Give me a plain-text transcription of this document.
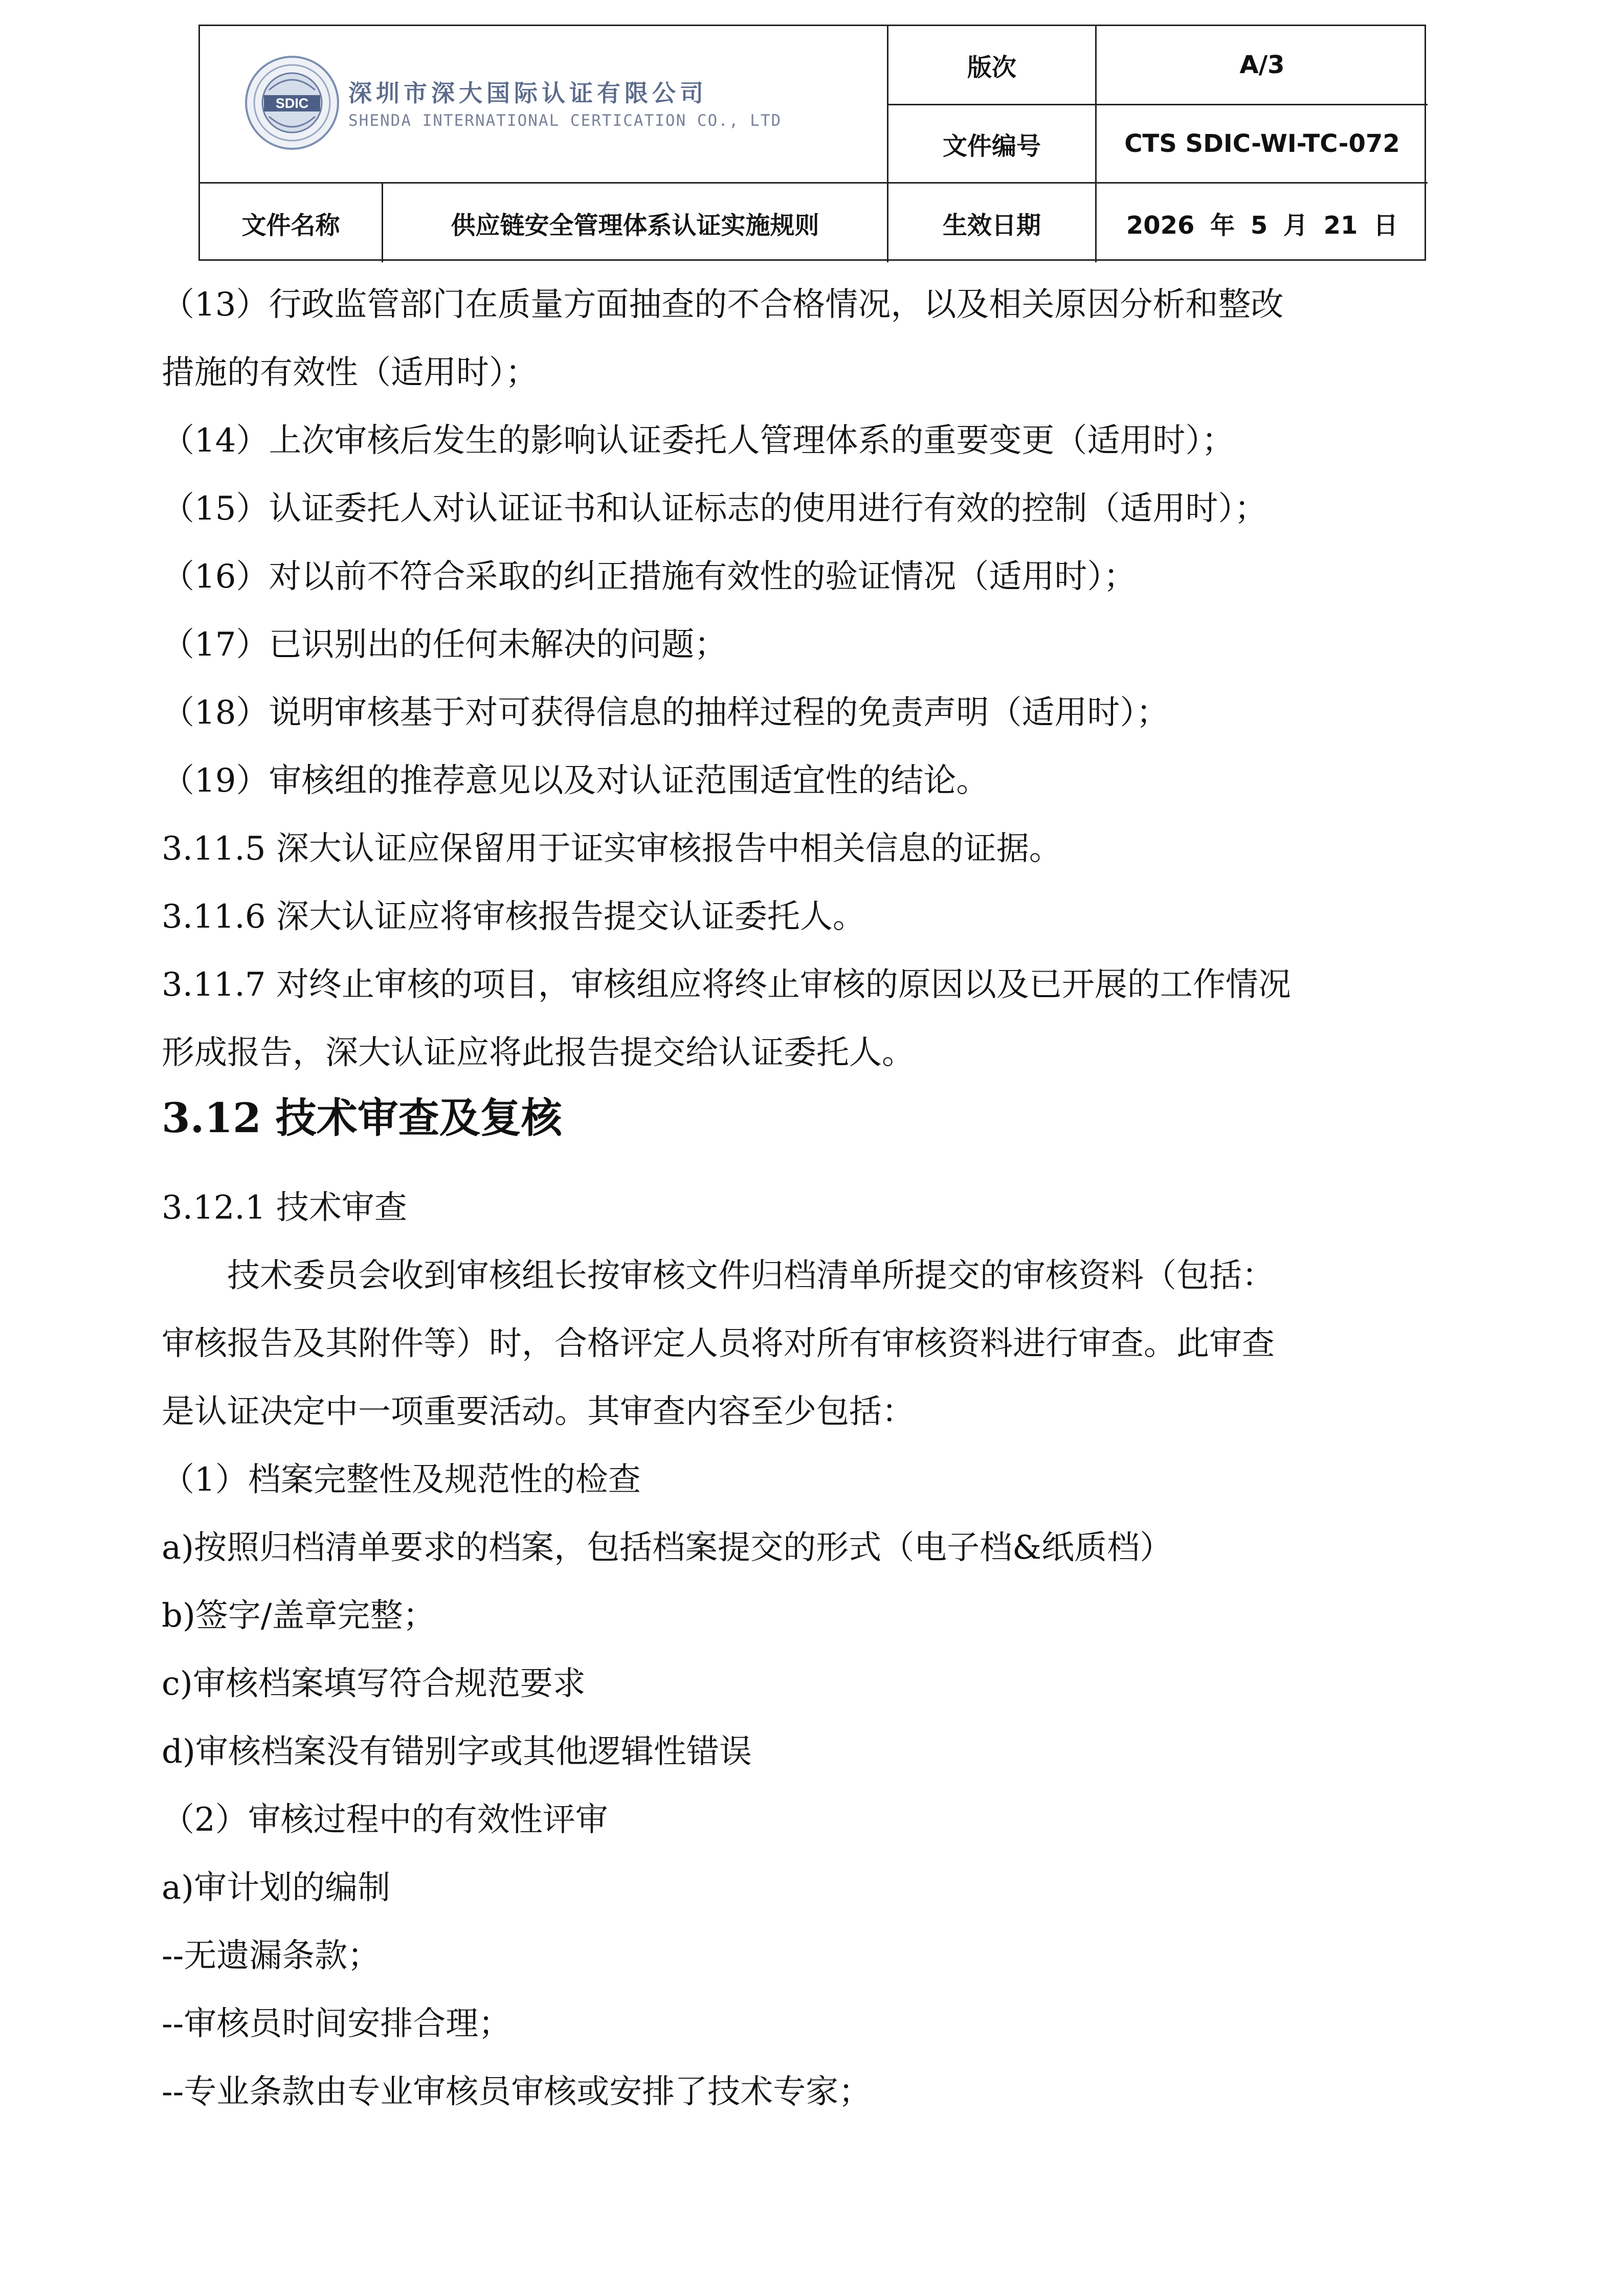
SDIC 深圳市深大国际认证有限公司
SHENDA INTERNATIONAL CERTICATION CO., LTD
版次	A/3
文件编号	CTS SDIC-WI-TC-072
文件名称	供应链安全管理体系认证实施规则	生效日期	2026 年 5 月 21 日

（13）行政监管部门在质量方面抽查的不合格情况，以及相关原因分析和整改

措施的有效性（适用时）；

（14）上次审核后发生的影响认证委托人管理体系的重要变更（适用时）；

（15）认证委托人对认证证书和认证标志的使用进行有效的控制（适用时）；

（16）对以前不符合采取的纠正措施有效性的验证情况（适用时）；

（17）已识别出的任何未解决的问题；

（18）说明审核基于对可获得信息的抽样过程的免责声明（适用时）；

（19）审核组的推荐意见以及对认证范围适宜性的结论。

3.11.5 深大认证应保留用于证实审核报告中相关信息的证据。

3.11.6 深大认证应将审核报告提交认证委托人。

3.11.7 对终止审核的项目，审核组应将终止审核的原因以及已开展的工作情况

形成报告，深大认证应将此报告提交给认证委托人。

3.12 技术审查及复核

3.12.1 技术审查

技术委员会收到审核组长按审核文件归档清单所提交的审核资料（包括：

审核报告及其附件等）时，合格评定人员将对所有审核资料进行审查。此审查

是认证决定中一项重要活动。其审查内容至少包括：

（1）档案完整性及规范性的检查

a)按照归档清单要求的档案，包括档案提交的形式（电子档&纸质档）

b)签字/盖章完整；

c)审核档案填写符合规范要求

d)审核档案没有错别字或其他逻辑性错误

（2）审核过程中的有效性评审

a)审计划的编制

--无遗漏条款；

--审核员时间安排合理；

--专业条款由专业审核员审核或安排了技术专家；
